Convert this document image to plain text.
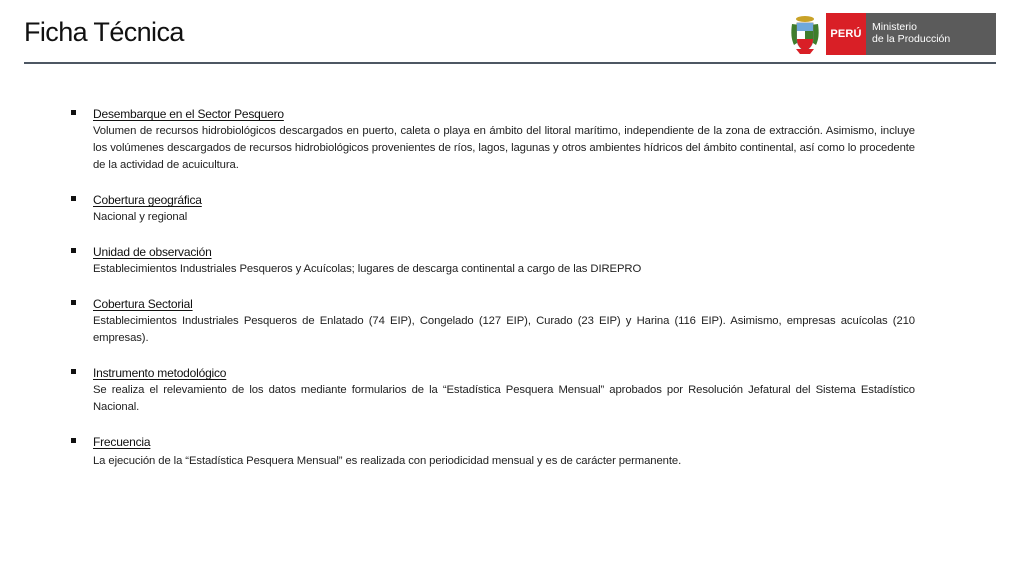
Ficha Técnica	PERÚ
Ministerio
de la Producción
Desembarque en el Sector Pesquero
Volumen de recursos hidrobiológicos descargados en puerto, caleta o playa en ámbito del litoral marítimo, independiente de la zona de extracción. Asimismo, incluye los volúmenes descargados de recursos hidrobiológicos provenientes de ríos, lagos, lagunas y otros ambientes hídricos del ámbito continental, así como lo procedente de la actividad de acuicultura.
Cobertura geográfica
Nacional y regional
Unidad de observación
Establecimientos Industriales Pesqueros y Acuícolas; lugares de descarga continental a cargo de las DIREPRO
Cobertura Sectorial
Establecimientos Industriales Pesqueros de Enlatado (74 EIP), Congelado (127 EIP), Curado (23 EIP) y Harina (116 EIP). Asimismo, empresas acuícolas (210 empresas).
Instrumento metodológico
Se realiza el relevamiento de los datos mediante formularios de la “Estadística Pesquera Mensual” aprobados por Resolución Jefatural del Sistema Estadístico Nacional.
Frecuencia
La ejecución de la “Estadística Pesquera Mensual” es realizada con periodicidad mensual y es de carácter permanente.
